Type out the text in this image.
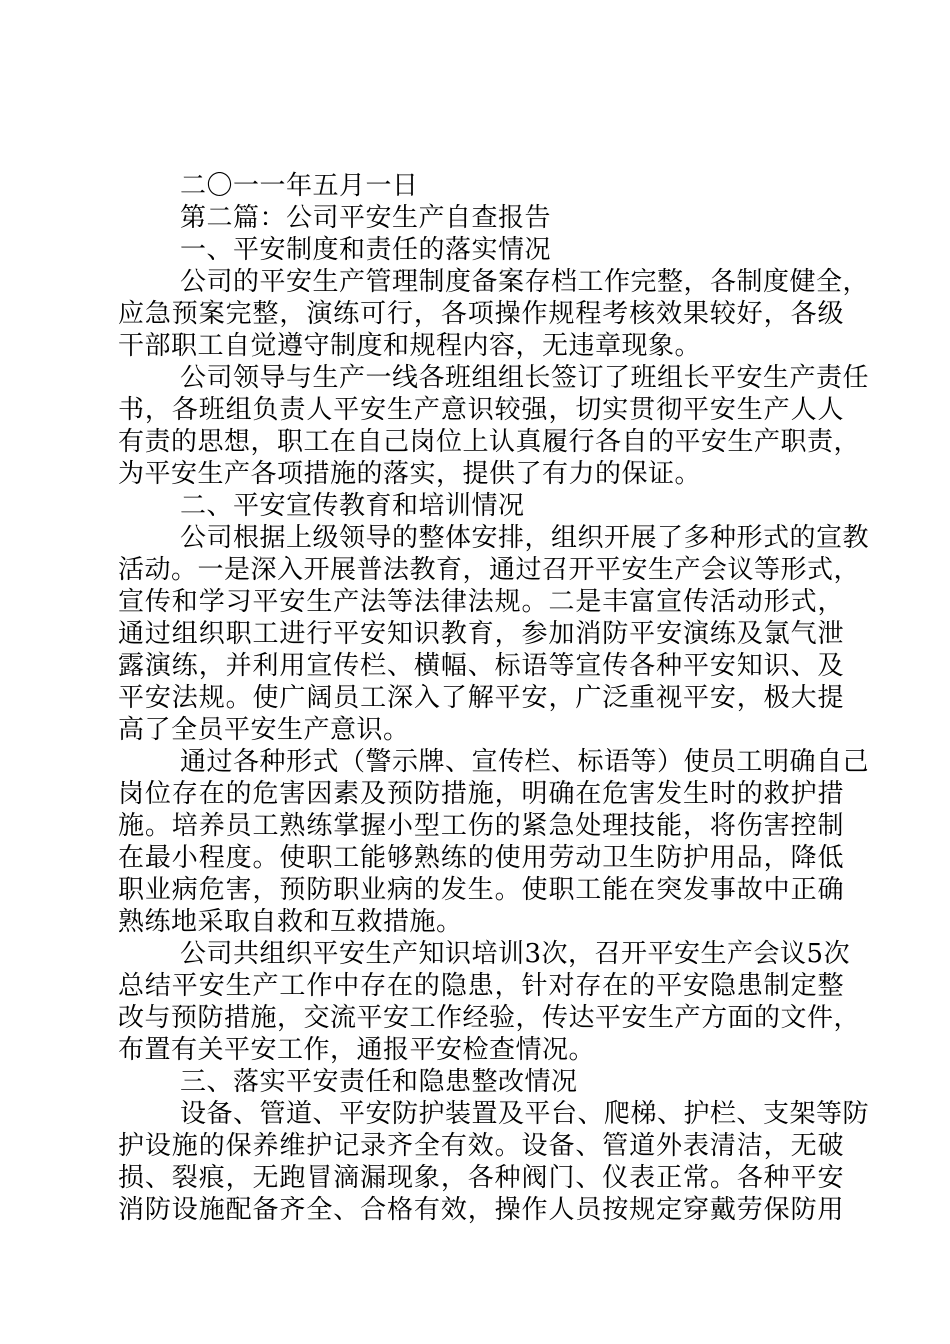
二〇一一年五月一日
第二篇：公司平安生产自查报告
一、平安制度和责任的落实情况
公司的平安生产管理制度备案存档工作完整，各制度健全，
应急预案完整，演练可行，各项操作规程考核效果较好，各级
干部职工自觉遵守制度和规程内容，无违章现象。
公司领导与生产一线各班组组长签订了班组长平安生产责任
书，各班组负责人平安生产意识较强，切实贯彻平安生产人人
有责的思想，职工在自己岗位上认真履行各自的平安生产职责，
为平安生产各项措施的落实，提供了有力的保证。
二、平安宣传教育和培训情况
公司根据上级领导的整体安排，组织开展了多种形式的宣教
活动。一是深入开展普法教育，通过召开平安生产会议等形式，
宣传和学习平安生产法等法律法规。二是丰富宣传活动形式，
通过组织职工进行平安知识教育，参加消防平安演练及氯气泄
露演练，并利用宣传栏、横幅、标语等宣传各种平安知识、及
平安法规。使广阔员工深入了解平安，广泛重视平安，极大提
高了全员平安生产意识。
通过各种形式（警示牌、宣传栏、标语等）使员工明确自己
岗位存在的危害因素及预防措施，明确在危害发生时的救护措
施。培养员工熟练掌握小型工伤的紧急处理技能，将伤害控制
在最小程度。使职工能够熟练的使用劳动卫生防护用品，降低
职业病危害，预防职业病的发生。使职工能在突发事故中正确
熟练地采取自救和互救措施。
公司共组织平安生产知识培训3次，召开平安生产会议5次
总结平安生产工作中存在的隐患，针对存在的平安隐患制定整
改与预防措施，交流平安工作经验，传达平安生产方面的文件，
布置有关平安工作，通报平安检查情况。
三、落实平安责任和隐患整改情况
设备、管道、平安防护装置及平台、爬梯、护栏、支架等防
护设施的保养维护记录齐全有效。设备、管道外表清洁，无破
损、裂痕，无跑冒滴漏现象，各种阀门、仪表正常。各种平安
消防设施配备齐全、合格有效，操作人员按规定穿戴劳保防用
